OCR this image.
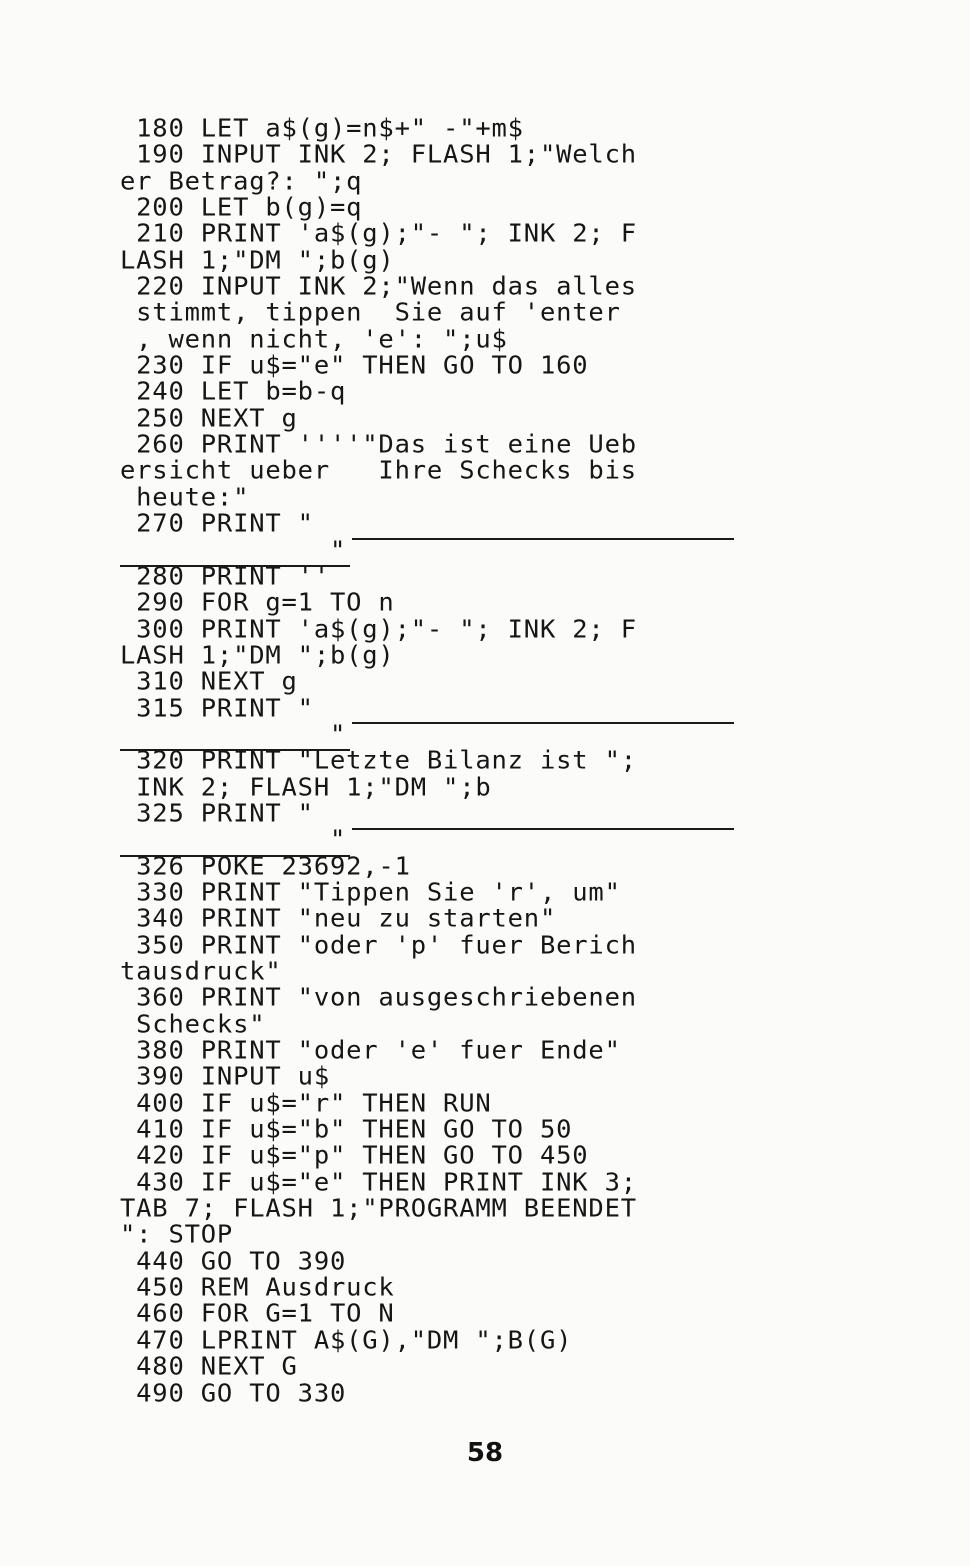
180 LET a$(g)=n$+" -"+m$
190 INPUT INK 2; FLASH 1;"Welch
er Betrag?: ";q
200 LET b(g)=q
210 PRINT 'a$(g);"- "; INK 2; F
LASH 1;"DM ";b(g)
220 INPUT INK 2;"Wenn das alles
stimmt, tippen  Sie auf 'enter
, wenn nicht, 'e': ";u$
230 IF u$="e" THEN GO TO 160
240 LET b=b-q
250 NEXT g
260 PRINT ''''"Das ist eine Ueb
ersicht ueber   Ihre Schecks bis
heute:"
270 PRINT "
"
280 PRINT ''
290 FOR g=1 TO n
300 PRINT 'a$(g);"- "; INK 2; F
LASH 1;"DM ";b(g)
310 NEXT g
315 PRINT "
"
320 PRINT "Letzte Bilanz ist ";
INK 2; FLASH 1;"DM ";b
325 PRINT "
"
326 POKE 23692,-1
330 PRINT "Tippen Sie 'r', um"
340 PRINT "neu zu starten"
350 PRINT "oder 'p' fuer Berich
tausdruck"
360 PRINT "von ausgeschriebenen
Schecks"
380 PRINT "oder 'e' fuer Ende"
390 INPUT u$
400 IF u$="r" THEN RUN
410 IF u$="b" THEN GO TO 50
420 IF u$="p" THEN GO TO 450
430 IF u$="e" THEN PRINT INK 3;
TAB 7; FLASH 1;"PROGRAMM BEENDET
": STOP
440 GO TO 390
450 REM Ausdruck
460 FOR G=1 TO N
470 LPRINT A$(G),"DM ";B(G)
480 NEXT G
490 GO TO 330
58
